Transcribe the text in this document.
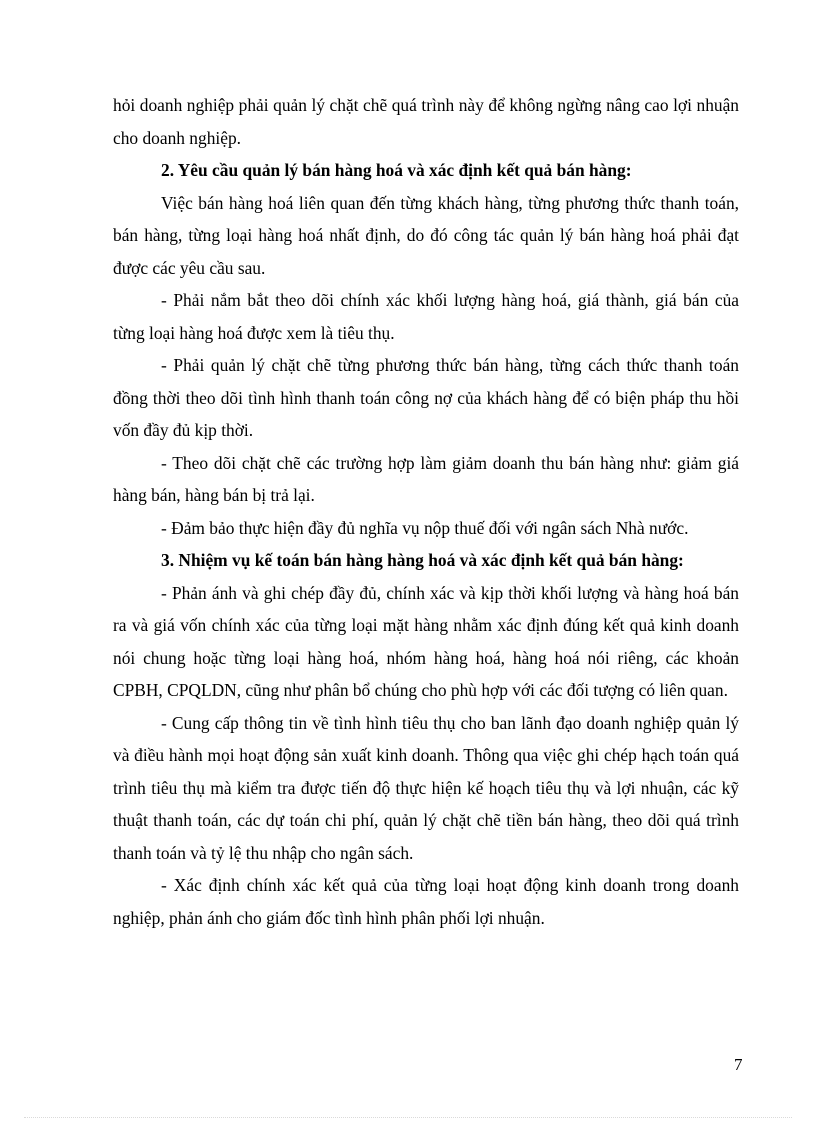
hỏi doanh nghiệp phải quản lý chặt chẽ quá trình này để không ngừng nâng cao lợi nhuận cho doanh nghiệp.

2. Yêu cầu quản lý bán hàng hoá và xác định kết quả bán hàng:

Việc bán hàng hoá liên quan đến từng khách hàng, từng phương thức thanh toán, bán hàng, từng loại hàng hoá nhất định, do đó công tác quản lý bán hàng hoá phải đạt được các yêu cầu sau.

- Phải nắm bắt theo dõi chính xác khối lượng hàng hoá, giá thành, giá bán của từng loại hàng hoá được xem là tiêu thụ.

- Phải quản lý chặt chẽ từng phương thức bán hàng, từng cách thức thanh toán đồng thời theo dõi tình hình thanh toán công nợ của khách hàng để có biện pháp thu hồi vốn đầy đủ kịp thời.

- Theo dõi chặt chẽ các trường hợp làm giảm doanh thu bán hàng như: giảm giá hàng bán, hàng bán bị trả lại.

- Đảm bảo thực hiện đầy đủ nghĩa vụ nộp thuế đối với ngân sách Nhà nước.

3. Nhiệm vụ kế toán bán hàng hàng hoá và xác định kết quả bán hàng:

- Phản ánh và ghi chép đầy đủ, chính xác và kịp thời khối lượng và hàng hoá bán ra và giá vốn chính xác của từng loại mặt hàng nhằm xác định đúng kết quả kinh doanh nói chung hoặc từng loại hàng hoá, nhóm hàng hoá, hàng hoá nói riêng, các khoản CPBH, CPQLDN, cũng như phân bổ chúng cho phù hợp với các đối tượng có liên quan.

- Cung cấp thông tin về tình hình tiêu thụ cho ban lãnh đạo doanh nghiệp quản lý và điều hành mọi hoạt động sản xuất kinh doanh. Thông qua việc ghi chép hạch toán quá trình tiêu thụ mà kiểm tra được tiến độ thực hiện kế hoạch tiêu thụ và lợi nhuận, các kỹ thuật thanh toán, các dự toán chi phí, quản lý chặt chẽ tiền bán hàng, theo dõi quá trình thanh toán và tỷ lệ thu nhập cho ngân sách.

- Xác định chính xác kết quả của từng loại hoạt động kinh doanh trong doanh nghiệp, phản ánh cho giám đốc tình hình phân phối lợi nhuận.

7
